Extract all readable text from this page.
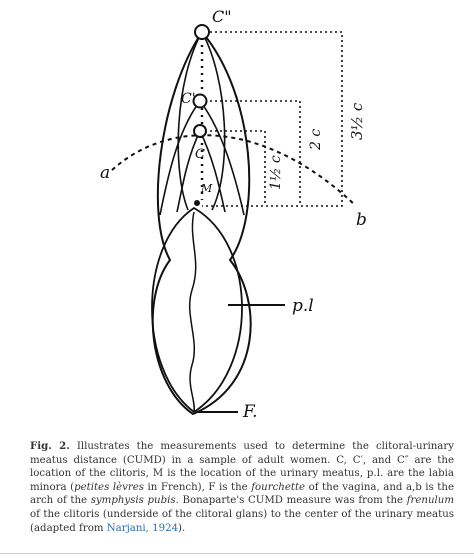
C"
C'
C
M
a
b
p.l
F.
1½ c
2 c 3½ c
Fig. 2. Illustrates the measurements used to determine the clitoral-urinary meatus distance (CUMD) in a sample of adult women. C, C′, and C″ are the location of the clitoris, M is the location of the urinary meatus, p.l. are the labia minora (petites lèvres in French), F is the fourchette of the vagina, and a,b is the arch of the symphysis pubis. Bonaparte's CUMD measure was from the frenulum of the clitoris (underside of the clitoral glans) to the center of the urinary meatus (adapted from Narjani, 1924).
